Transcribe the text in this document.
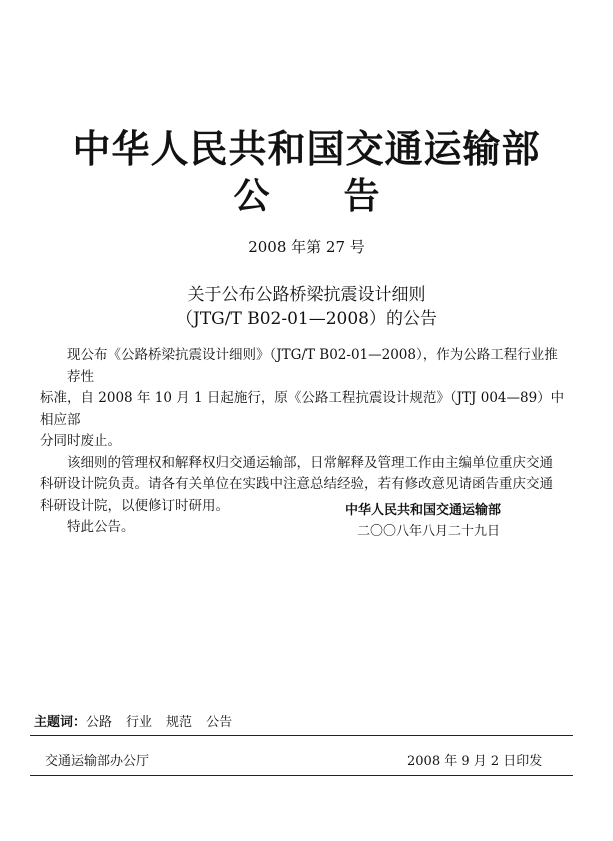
中华人民共和国交通运输部
公 告
2008 年第 27 号
关于公布公路桥梁抗震设计细则
（JTG/T B02-01—2008）的公告

现公布《公路桥梁抗震设计细则》（JTG/T B02-01—2008），作为公路工程行业推荐性

标准，自 2008 年 10 月 1 日起施行，原《公路工程抗震设计规范》（JTJ 004—89）中相应部

分同时废止。

该细则的管理权和解释权归交通运输部，日常解释及管理工作由主编单位重庆交通

科研设计院负责。请各有关单位在实践中注意总结经验，若有修改意见请函告重庆交通

科研设计院，以便修订时研用。

特此公告。

中华人民共和国交通运输部
二〇〇八年八月二十九日
主题词：公路 行业 规范 公告
交通运输部办公厅	2008 年 9 月 2 日印发
